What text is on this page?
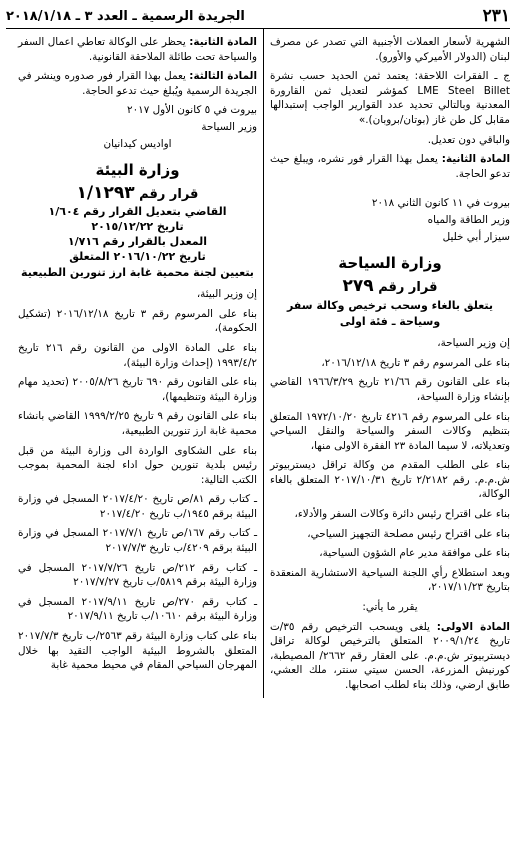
٢٣١
الجريدة الرسمية ـ العدد ٣ ـ ٢٠١٨/١/١٨

الشهرية لأسعار العملات الأجنبية التي تصدر عن مصرف لبنان (الدولار الأميركي والأورو).

ج ـ الفقرات اللاحقة: يعتمد ثمن الحديد حسب نشرة LME Steel Billet كمؤشر لتعديل ثمن القارورة المعدنية وبالتالي تحديد عدد القوارير الواجب إستبدالها مقابل كل طن غاز (بوتان/بروبان).»

والباقي دون تعديل.

المادة الثانية: يعمل بهذا القرار فور نشره، ويبلغ حيث تدعو الحاجة.

بيروت في ١١ كانون الثاني ٢٠١٨

وزير الطاقة والمياه

سيزار أبي خليل

وزارة السياحة
قرار رقم ٢٧٩
يتعلق بالغاء وسحب ترخيص وكالة سفر وسياحة ـ فئة اولى

إن وزير السياحة،

بناء على المرسوم رقم ٣ تاريخ ٢٠١٦/١٢/١٨،

بناء على القانون رقم ٢١/٦٦ تاريخ ١٩٦٦/٣/٢٩ القاضي بإنشاء وزارة السياحة،

بناء على المرسوم رقم ٤٢١٦ تاريخ ١٩٧٢/١٠/٢٠ المتعلق بتنظيم وكالات السفر والسياحة والنقل السياحي وتعديلاته، لا سيما المادة ٢٣ الفقرة الاولى منها،

بناء على الطلب المقدم من وكالة تراقل ديستربيوتر ش.م.م. رقم ٢/٢١٨٢ تاريخ ٢٠١٧/١٠/٣١ المتعلق بالغاء الوكالة،

بناء على اقتراح رئيس دائرة وكالات السفر والأدلاء،

بناء على اقتراح رئيس مصلحة التجهيز السياحي،

بناء على موافقة مدير عام الشؤون السياحية،

وبعد استطلاع رأي اللجنة السياحية الاستشارية المنعقدة بتاريخ ٢٠١٧/١١/٢٣،

يقرر ما يأتي:

المادة الاولى: يلغى ويسحب الترخيص رقم ٣٥/ت تاريخ ٢٠٠٩/١/٢٤ المتعلق بالترخيص لوكالة تراقل ديستربيوتر ش.م.م. على العقار رقم ٢٦٦٢/ المصيطبة، كورنيش المزرعة، الحسن سيتي سنتر، ملك العشي، طابق ارضي، وذلك بناء لطلب اصحابها.

المادة الثانية: يحظر على الوكالة تعاطي اعمال السفر والسياحة تحت طائلة الملاحقة القانونية.

المادة الثالثة: يعمل بهذا القرار فور صدوره وينشر في الجريدة الرسمية ويُبلغ حيث تدعو الحاجة.

بيروت في ٥ كانون الأول ٢٠١٧

وزير السياحة

اواديس كيدانيان

وزارة البيئة
قرار رقم ١/١٢٩٣
القاضي بتعديل القرار رقم ١/٦٠٤
تاريخ ٢٠١٥/١٢/٢٢
المعدل بالقرار رقم ١/٧١٦
تاريخ ٢٠١٦/١٠/٢٢ المتعلق
بتعيين لجنة محمية غابة ارز تنورين الطبيعية

إن وزير البيئة،

بناء على المرسوم رقم ٣ تاريخ ٢٠١٦/١٢/١٨ (تشكيل الحكومة)،

بناء على المادة الاولى من القانون رقم ٢١٦ تاريخ ١٩٩٣/٤/٢ (إحداث وزارة البيئة)،

بناء على القانون رقم ٦٩٠ تاريخ ٢٠٠٥/٨/٢٦ (تحديد مهام وزارة البيئة وتنظيمها)،

بناء على القانون رقم ٩ تاريخ ١٩٩٩/٢/٢٥ القاضي بانشاء محمية غابة ارز تنورين الطبيعية،

بناء على الشكاوى الواردة الى وزارة البيئة من قبل رئيس بلدية تنورين حول اداء لجنة المحمية بموجب الكتب التالية:

ـ كتاب رقم ٨١/ص تاريخ ٢٠١٧/٤/٢٠ المسجل في وزارة البيئة برقم ١٩٤٥/ب تاريخ ٢٠١٧/٤/٢٠

ـ كتاب رقم ١٦٧/ص تاريخ ٢٠١٧/٧/١ المسجل في وزارة البيئة برقم ٤٢٠٩/ب تاريخ ٢٠١٧/٧/٣

ـ كتاب رقم ٢١٢/ص تاريخ ٢٠١٧/٧/٢٦ المسجل في وزارة البيئة برقم ٥٨١٩/ب تاريخ ٢٠١٧/٧/٢٧

ـ كتاب رقم ٢٧٠/ص تاريخ ٢٠١٧/٩/١١ المسجل في وزارة البيئة برقم ١٠٦١٠/ب تاريخ ٢٠١٧/٩/١١

بناء على كتاب وزارة البيئة رقم ٢٥٦٣/ب تاريخ ٢٠١٧/٧/٣ المتعلق بالشروط البيئية الواجب التقيد بها خلال المهرجان السياحي المقام في محيط محمية غابة
